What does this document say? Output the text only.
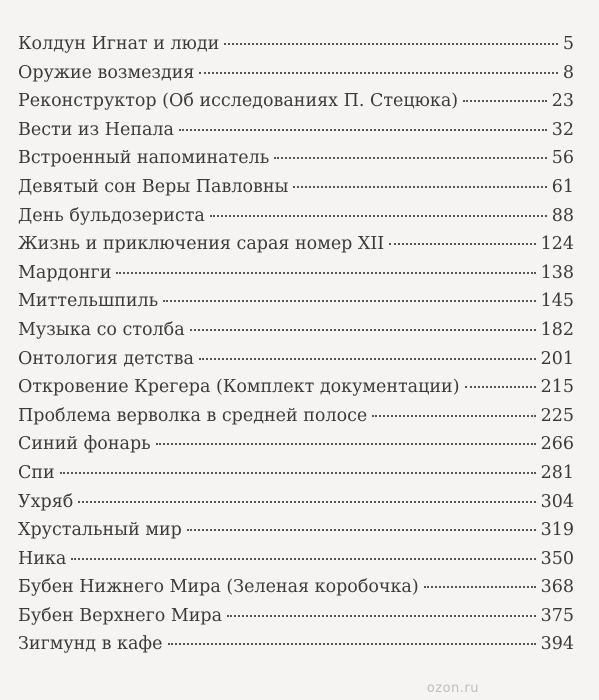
Колдун Игнат и люди	5
Оружие возмездия	8
Реконструктор (Об исследованиях П. Стецюка)	23
Вести из Непала	32
Встроенный напоминатель	56
Девятый сон Веры Павловны	61
День бульдозериста	88
Жизнь и приключения сарая номер XII	124
Мардонги	138
Миттельшпиль	145
Музыка со столба	182
Онтология детства	201
Откровение Крегера (Комплект документации)	215
Проблема верволка в средней полосе	225
Синий фонарь	266
Спи	281
Ухряб	304
Хрустальный мир	319
Ника	350
Бубен Нижнего Мира (Зеленая коробочка)	368
Бубен Верхнего Мира	375
Зигмунд в кафе	394
ozon.ru
